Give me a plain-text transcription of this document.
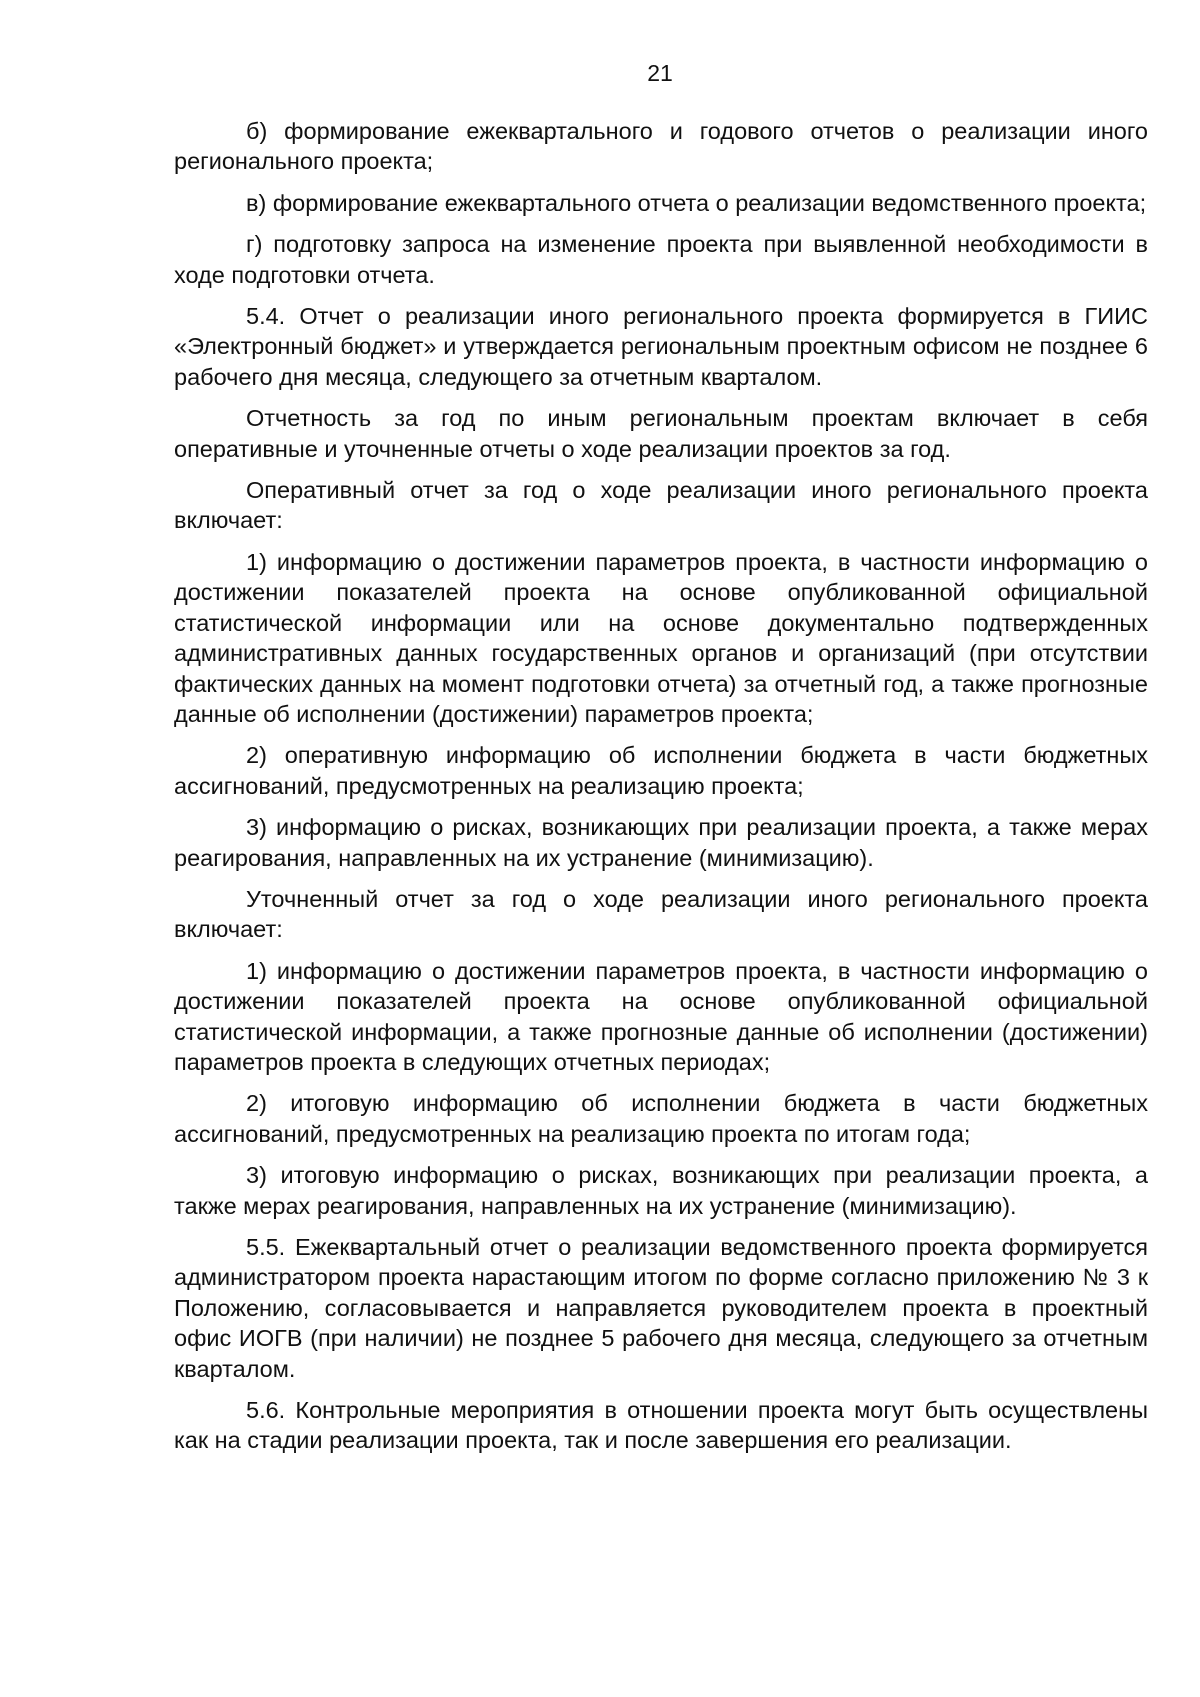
21

б) формирование ежеквартального и годового отчетов о реализации иного регионального проекта;

в) формирование ежеквартального отчета о реализации ведомственного проекта;

г) подготовку запроса на изменение проекта при выявленной необходимости в ходе подготовки отчета.

5.4. Отчет о реализации иного регионального проекта формируется в ГИИС «Электронный бюджет» и утверждается региональным проектным офисом не позднее 6 рабочего дня месяца, следующего за отчетным кварталом.

Отчетность за год по иным региональным проектам включает в себя оперативные и уточненные отчеты о ходе реализации проектов за год.

Оперативный отчет за год о ходе реализации иного регионального проекта включает:

1) информацию о достижении параметров проекта, в частности информацию о достижении показателей проекта на основе опубликованной официальной статистической информации или на основе документально подтвержденных административных данных государственных органов и организаций (при отсутствии фактических данных на момент подготовки отчета) за отчетный год, а также прогнозные данные об исполнении (достижении) параметров проекта;

2) оперативную информацию об исполнении бюджета в части бюджетных ассигнований, предусмотренных на реализацию проекта;

3) информацию о рисках, возникающих при реализации проекта, а также мерах реагирования, направленных на их устранение (минимизацию).

Уточненный отчет за год о ходе реализации иного регионального проекта включает:

1) информацию о достижении параметров проекта, в частности информацию о достижении показателей проекта на основе опубликованной официальной статистической информации, а также прогнозные данные об исполнении (достижении) параметров проекта в следующих отчетных периодах;

2) итоговую информацию об исполнении бюджета в части бюджетных ассигнований, предусмотренных на реализацию проекта по итогам года;

3) итоговую информацию о рисках, возникающих при реализации проекта, а также мерах реагирования, направленных на их устранение (минимизацию).

5.5. Ежеквартальный отчет о реализации ведомственного проекта формируется администратором проекта нарастающим итогом по форме согласно приложению № 3 к Положению, согласовывается и направляется руководителем проекта в проектный офис ИОГВ (при наличии) не позднее 5 рабочего дня месяца, следующего за отчетным кварталом.

5.6. Контрольные мероприятия в отношении проекта могут быть осуществлены как на стадии реализации проекта, так и после завершения его реализации.
